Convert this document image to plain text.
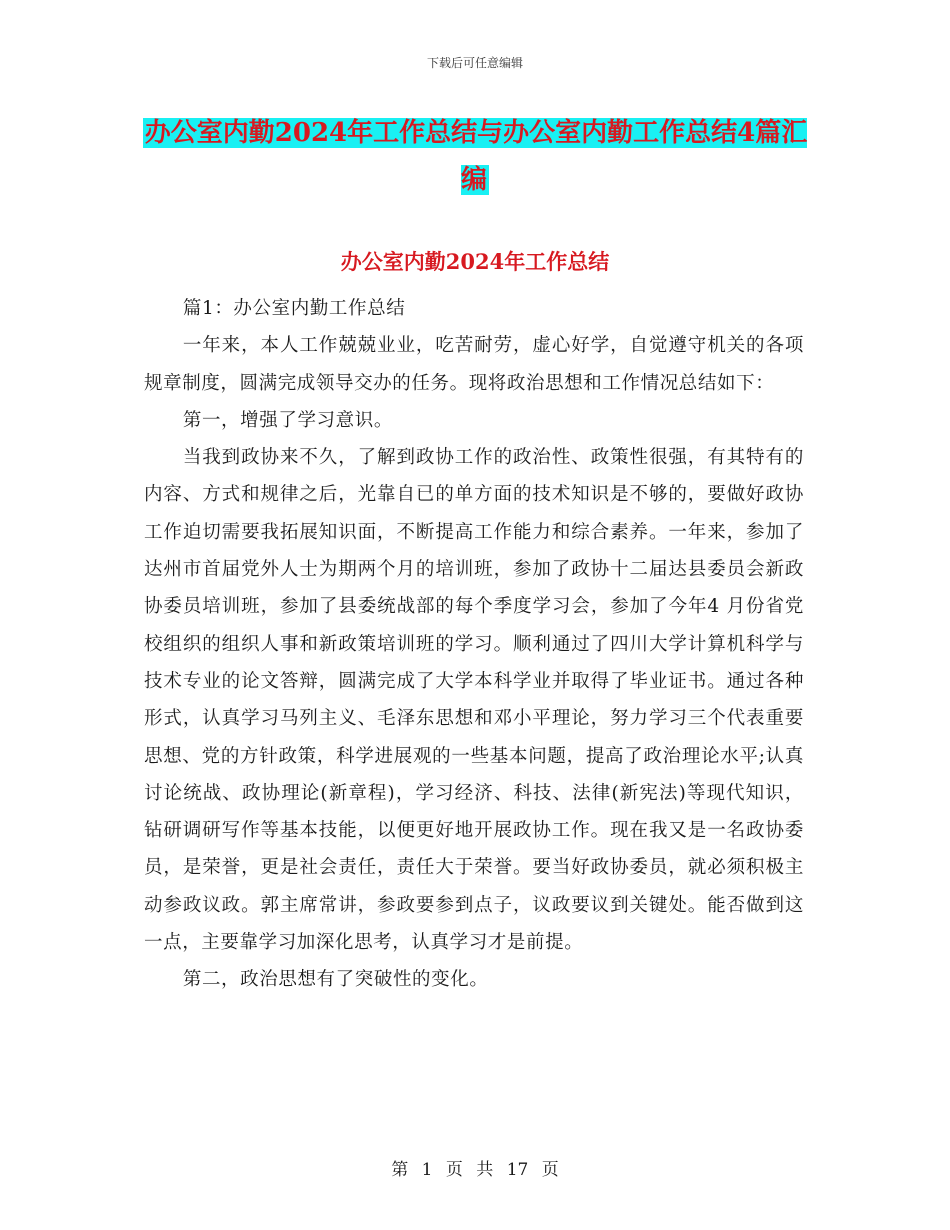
下载后可任意编辑
办公室内勤2024年工作总结与办公室内勤工作总结4篇汇编
办公室内勤2024年工作总结

篇1：办公室内勤工作总结

一年来，本人工作兢兢业业，吃苦耐劳，虚心好学，自觉遵守机关的各项规章制度，圆满完成领导交办的任务。现将政治思想和工作情况总结如下：

第一，增强了学习意识。

当我到政协来不久，了解到政协工作的政治性、政策性很强，有其特有的内容、方式和规律之后，光靠自已的单方面的技术知识是不够的，要做好政协工作迫切需要我拓展知识面，不断提高工作能力和综合素养。一年来，参加了达州市首届党外人士为期两个月的培训班，参加了政协十二届达县委员会新政协委员培训班，参加了县委统战部的每个季度学习会，参加了今年4 月份省党校组织的组织人事和新政策培训班的学习。顺利通过了四川大学计算机科学与技术专业的论文答辩，圆满完成了大学本科学业并取得了毕业证书。通过各种形式，认真学习马列主义、毛泽东思想和邓小平理论，努力学习三个代表重要思想、党的方针政策，科学进展观的一些基本问题，提高了政治理论水平;认真讨论统战、政协理论(新章程)，学习经济、科技、法律(新宪法)等现代知识，钻研调研写作等基本技能，以便更好地开展政协工作。现在我又是一名政协委员，是荣誉，更是社会责任，责任大于荣誉。要当好政协委员，就必须积极主动参政议政。郭主席常讲，参政要参到点子，议政要议到关键处。能否做到这一点，主要靠学习加深化思考，认真学习才是前提。

第二，政治思想有了突破性的变化。

第 1 页 共 17 页
